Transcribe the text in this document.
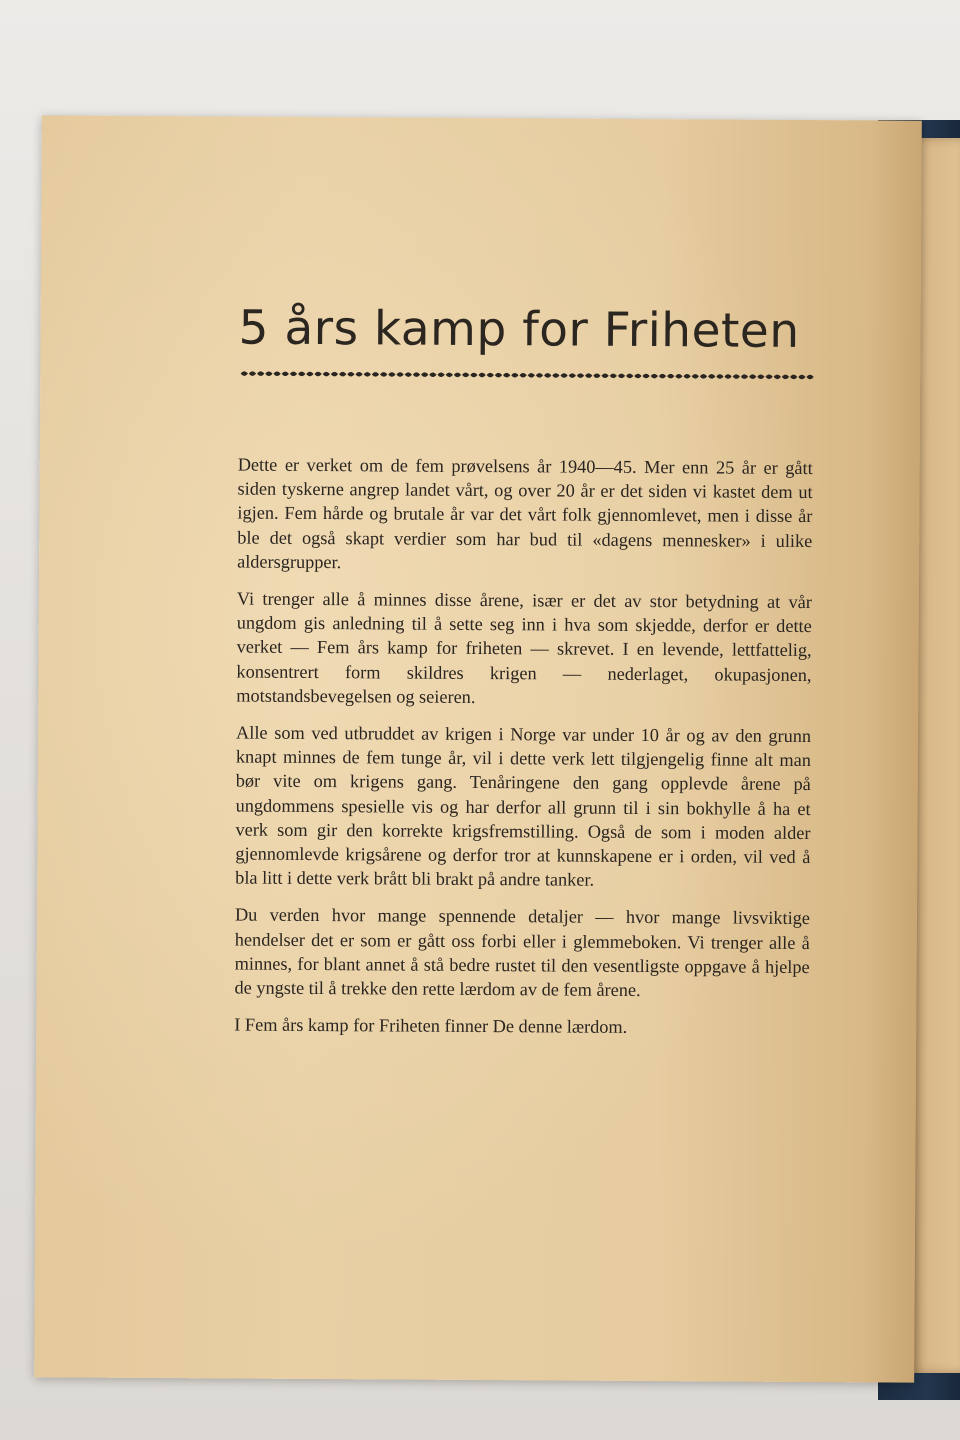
5 års kamp for Friheten

Dette er verket om de fem prøvelsens år 1940—45. Mer enn 25 år er gått siden tyskerne angrep landet vårt, og over 20 år er det siden vi kastet dem ut igjen. Fem hårde og brutale år var det vårt folk gjennomlevet, men i disse år ble det også skapt verdier som har bud til «dagens mennesker» i ulike aldersgrupper.

Vi trenger alle å minnes disse årene, især er det av stor betydning at vår ungdom gis anledning til å sette seg inn i hva som skjedde, derfor er dette verket — Fem års kamp for friheten — skrevet. I en levende, lettfattelig, konsentrert form skildres krigen — nederlaget, okupasjonen, motstandsbevegelsen og seieren.

Alle som ved utbruddet av krigen i Norge var under 10 år og av den grunn knapt minnes de fem tunge år, vil i dette verk lett tilgjengelig finne alt man bør vite om krigens gang. Tenåringene den gang opplevde årene på ungdommens spesielle vis og har derfor all grunn til i sin bokhylle å ha et verk som gir den korrekte krigsfremstilling. Også de som i moden alder gjennomlevde krigsårene og derfor tror at kunnskapene er i orden, vil ved å bla litt i dette verk brått bli brakt på andre tanker.

Du verden hvor mange spennende detaljer — hvor mange livsviktige hendelser det er som er gått oss forbi eller i glemmeboken. Vi trenger alle å minnes, for blant annet å stå bedre rustet til den vesentligste oppgave å hjelpe de yngste til å trekke den rette lærdom av de fem årene.

I Fem års kamp for Friheten finner De denne lærdom.
